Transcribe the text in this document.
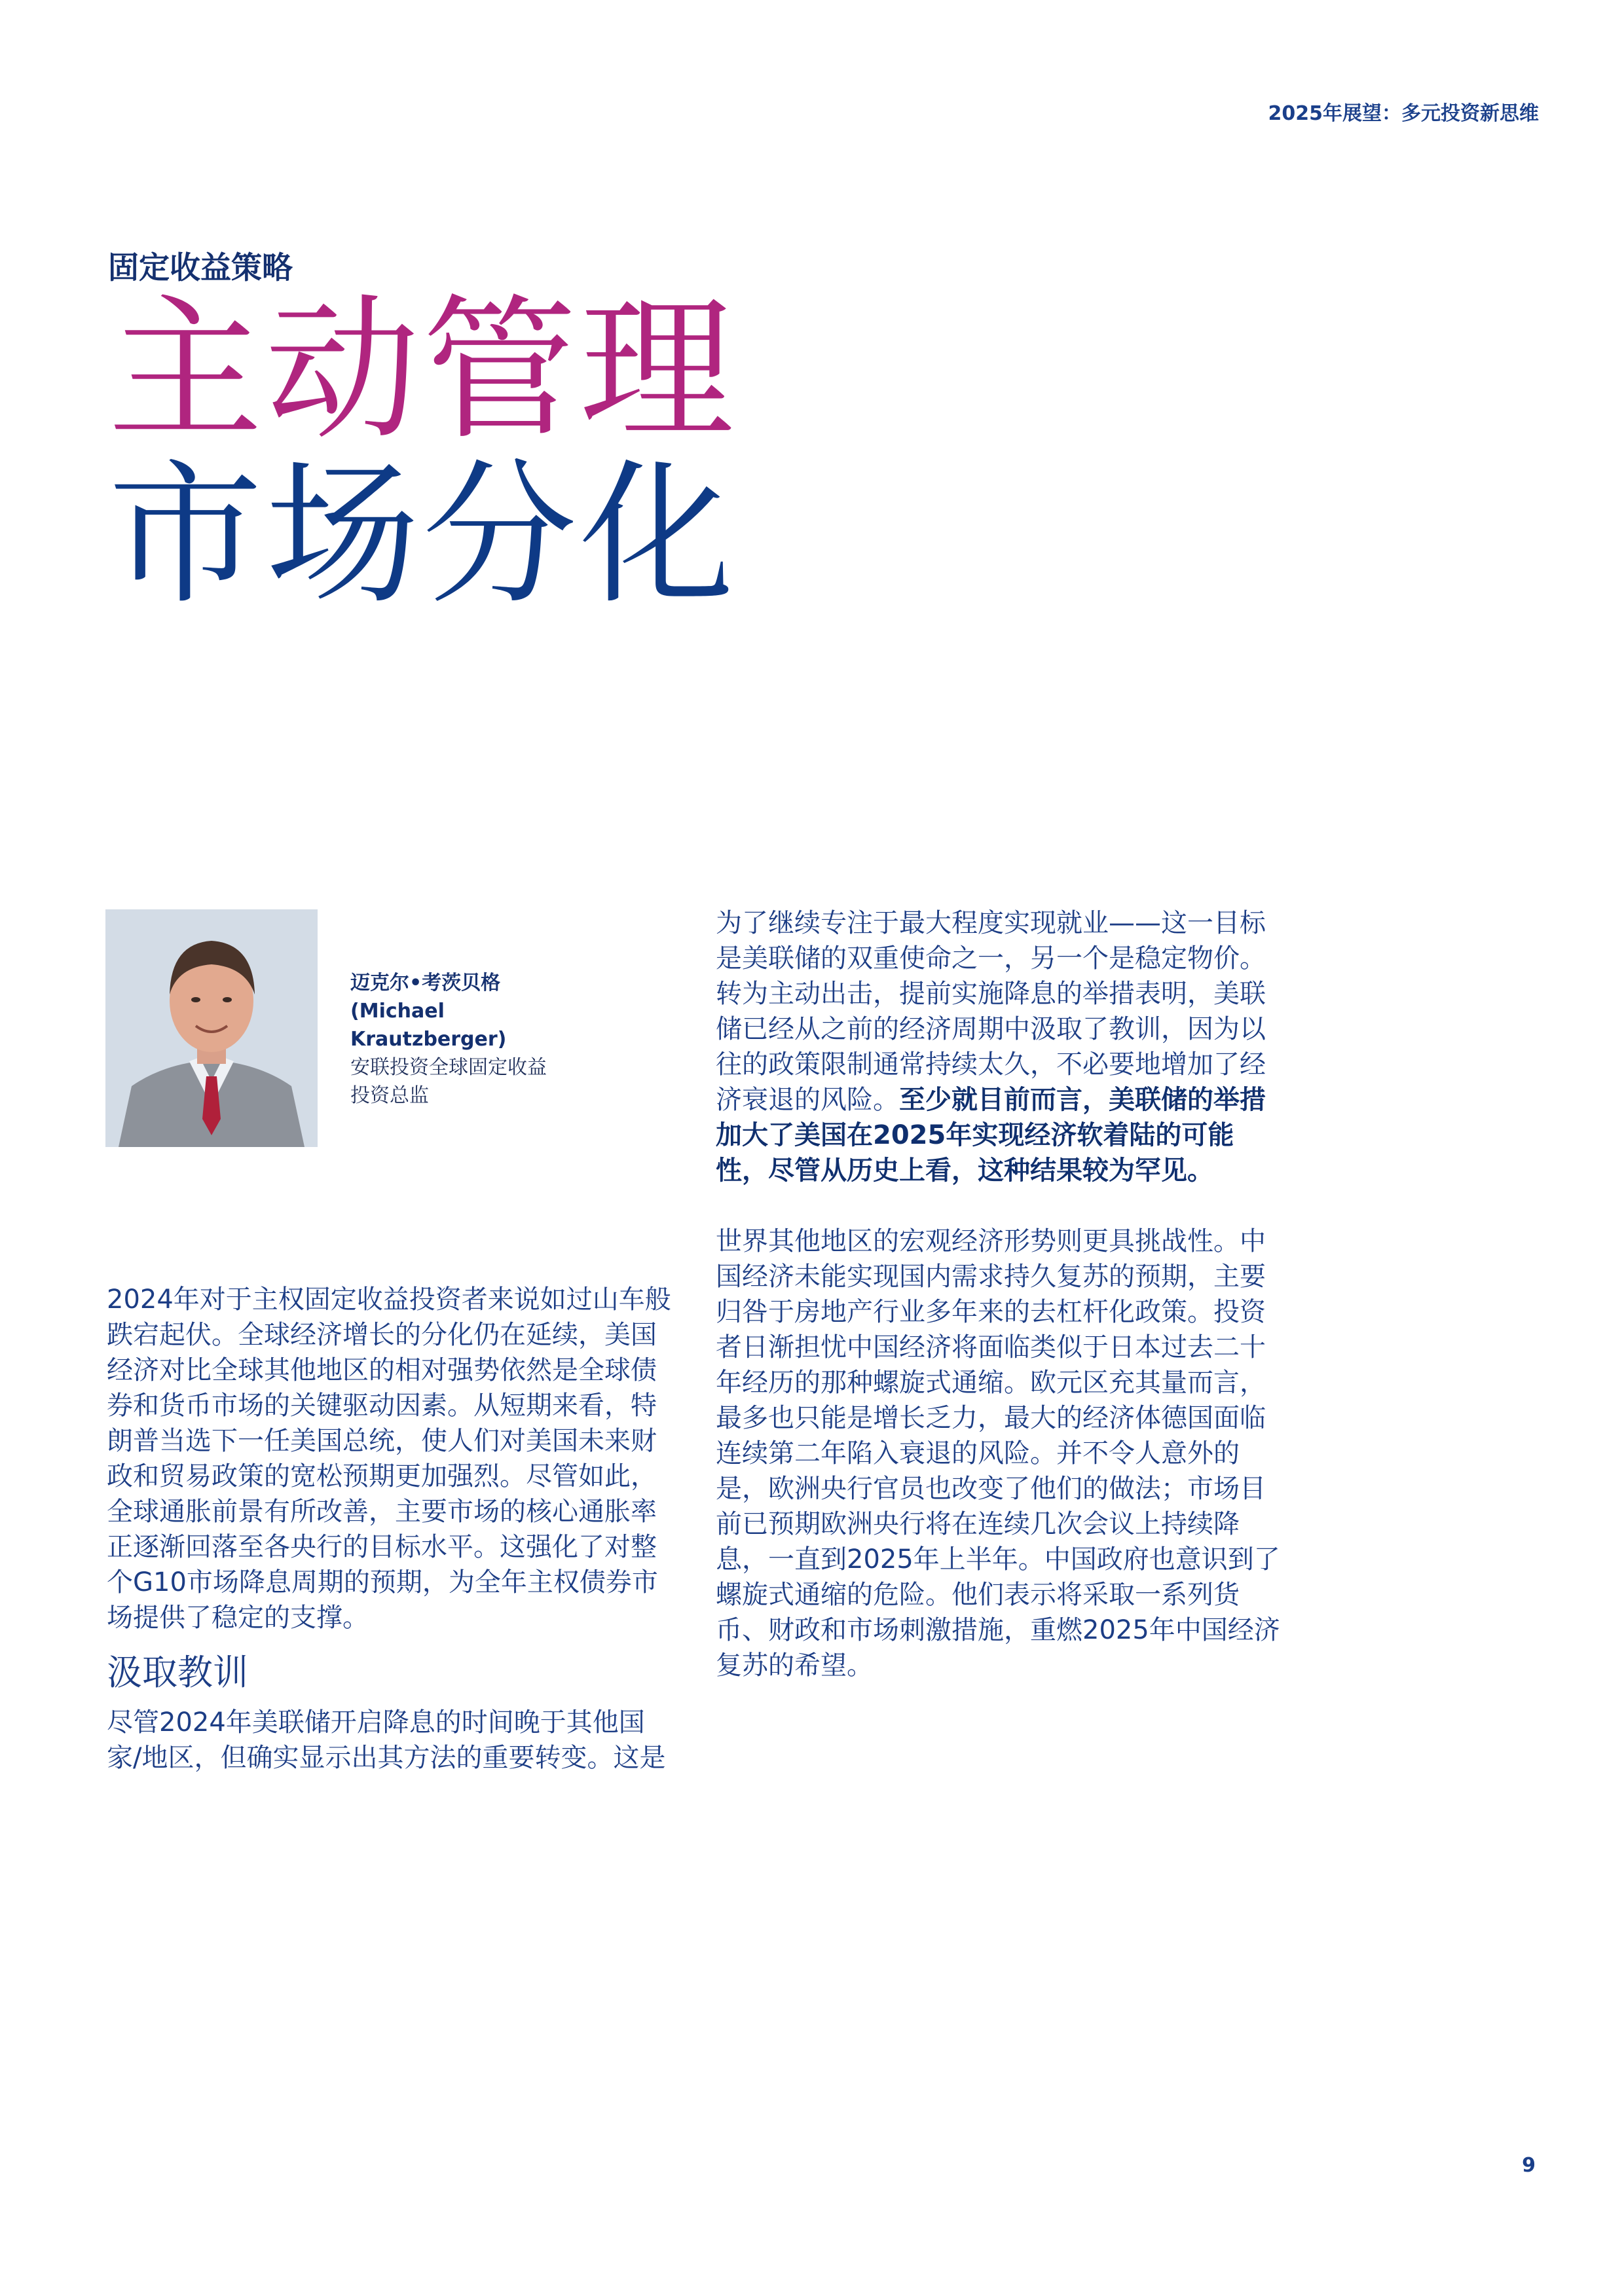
2025年展望：多元投资新思维
固定收益策略
主动管理
市场分化
迈克尔•考茨贝格
(Michael
Krautzberger)
安联投资全球固定收益
投资总监

2024年对于主权固定收益投资者来说如过山车般跌宕起伏。全球经济增长的分化仍在延续，美国经济对比全球其他地区的相对强势依然是全球债券和货币市场的关键驱动因素。从短期来看，特朗普当选下一任美国总统，使人们对美国未来财政和贸易政策的宽松预期更加强烈。尽管如此，全球通胀前景有所改善，主要市场的核心通胀率正逐渐回落至各央行的目标水平。这强化了对整个G10市场降息周期的预期，为全年主权债券市场提供了稳定的支撑。

汲取教训

尽管2024年美联储开启降息的时间晚于其他国家/地区，但确实显示出其方法的重要转变。这是

为了继续专注于最大程度实现就业——这一目标是美联储的双重使命之一，另一个是稳定物价。转为主动出击，提前实施降息的举措表明，美联储已经从之前的经济周期中汲取了教训，因为以往的政策限制通常持续太久，不必要地增加了经济衰退的风险。至少就目前而言，美联储的举措加大了美国在2025年实现经济软着陆的可能性，尽管从历史上看，这种结果较为罕见。

世界其他地区的宏观经济形势则更具挑战性。中国经济未能实现国内需求持久复苏的预期，主要归咎于房地产行业多年来的去杠杆化政策。投资者日渐担忧中国经济将面临类似于日本过去二十年经历的那种螺旋式通缩。欧元区充其量而言，最多也只能是增长乏力，最大的经济体德国面临连续第二年陷入衰退的风险。并不令人意外的是，欧洲央行官员也改变了他们的做法；市场目前已预期欧洲央行将在连续几次会议上持续降息，一直到2025年上半年。中国政府也意识到了螺旋式通缩的危险。他们表示将采取一系列货币、财政和市场刺激措施，重燃2025年中国经济复苏的希望。

9
